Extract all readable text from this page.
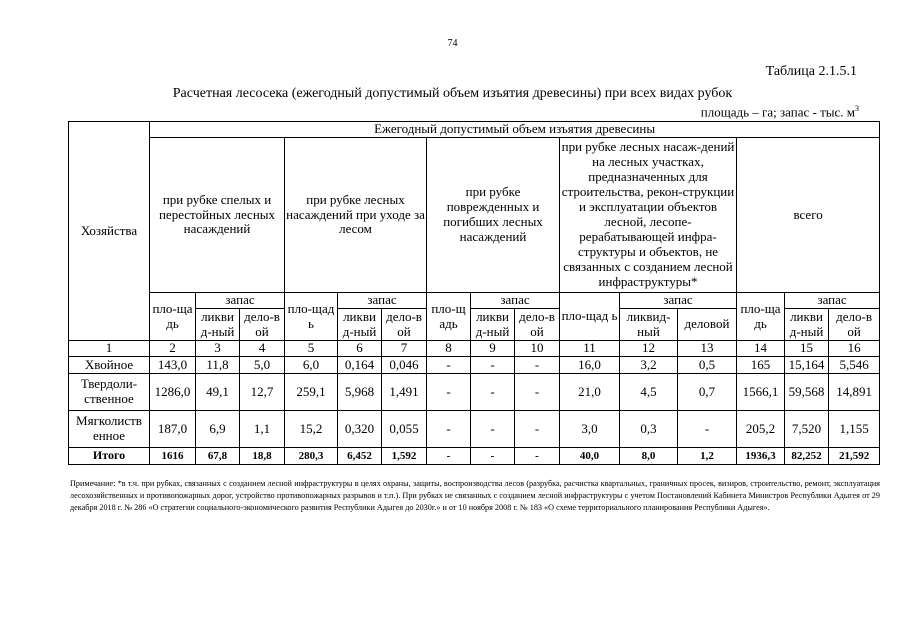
74
Таблица 2.1.5.1
Расчетная лесосека (ежегодный допустимый объем изъятия древесины) при всех видах рубок
площадь – га; запас - тыс. $м^3$
Хозяйства	Ежегодный допустимый объем изъятия древесины														
	при рубке спелых и перестойных лесных насаждений			при рубке лесных насаждений при уходе за лесом			при рубке поврежденных и погибших лесных насаждений			при рубке лесных насаж-дений на лесных участках, предназначенных для строительства, рекон-струкции и эксплуатации объектов лесной, лесопе-рерабатывающей инфра-структуры и объектов, не связанных с созданием лесной инфраструктуры*			всего		
	пло-ща дь	запас		пло-щад ь	запас		пло-щ адь	запас		пло-щад ь	запас		пло-ща дь	запас	
		ликви д-ный	дело-в ой		ликви д-ный	дело-в ой		ликви д-ный	дело-в ой		ликвид- ный	деловой		ликви д-ный	дело-в ой
1	2	3	4	5	6	7	8	9	10	11	12	13	14	15	16
Хвойное	143,0	11,8	5,0	6,0	0,164	0,046	-	-	-	16,0	3,2	0,5	165	15,164	5,546
Твердоли-ственное	1286,0	49,1	12,7	259,1	5,968	1,491	-	-	-	21,0	4,5	0,7	1566,1	59,568	14,891
Мягколиств енное	187,0	6,9	1,1	15,2	0,320	0,055	-	-	-	3,0	0,3	-	205,2	7,520	1,155
Итого	1616	67,8	18,8	280,3	6,452	1,592	-	-	-	40,0	8,0	1,2	1936,3	82,252	21,592
Примечание: *в т.ч. при рубках, связанных с созданием лесной инфраструктуры в целях охраны, защиты, воспроизводства лесов (разрубка, расчистка квартальных, граничных просек, визиров, строительство, ремонт, эксплуатация лесохозяйственных и противопожарных дорог, устройство противопожарных разрывов и т.п.). При рубках не связанных с созданием лесной инфраструктуры с учетом Постановлений Кабинета Министров Республики Адыгея от 29 декабря 2018 г. № 286 «О стратегии социального-экономического развития Республики Адыгея до 2030г.» и от 10 ноября 2008 г. № 183 «О схеме территориального планирования Республики Адыгея».
